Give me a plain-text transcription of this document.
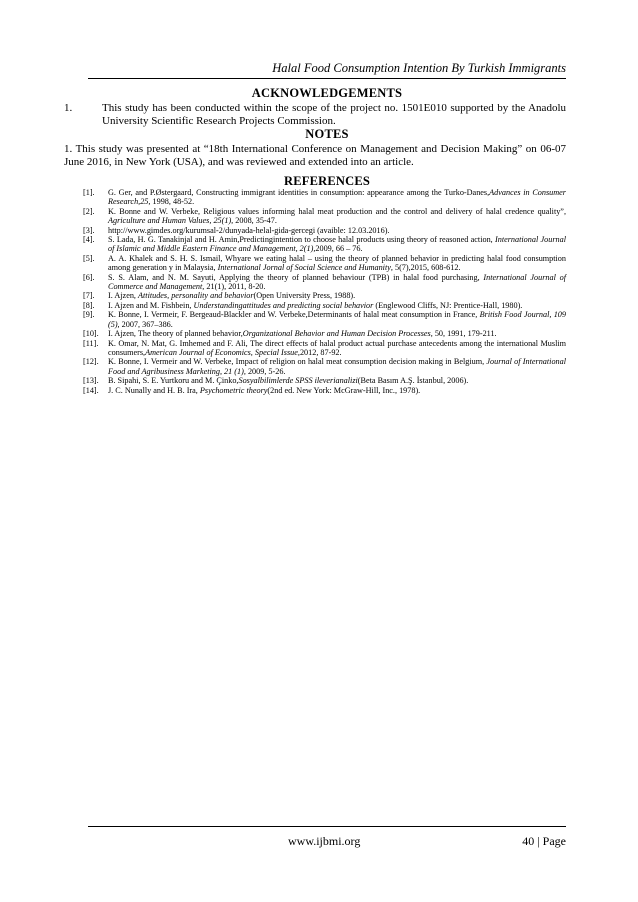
Halal Food Consumption Intention By Turkish Immigrants
ACKNOWLEDGEMENTS
1.	This study has been conducted within the scope of the project no. 1501E010 supported by the Anadolu University Scientific Research Projects Commission.
NOTES
1. This study was presented at “18th International Conference on Management and Decision Making” on 06-07 June 2016, in New York (USA), and was reviewed and extended into an article.
REFERENCES
[1]. G. Ger, and P.Østergaard, Constructing immigrant identities in consumption: appearance among the Turko-Danes,Advances in Consumer Research,25, 1998, 48-52.
[2]. K. Bonne and W. Verbeke, Religious values informing halal meat production and the control and delivery of halal credence quality”, Agriculture and Human Values, 25(1), 2008, 35-47.
[3]. http://www.gimdes.org/kurumsal-2/dunyada-helal-gida-gercegi (avaible: 12.03.2016).
[4]. S. Lada, H. G. Tanakinjal and H. Amin,Predictingintention to choose halal products using theory of reasoned action, International Journal of Islamic and Middle Eastern Finance and Management, 2(1),2009, 66 – 76.
[5]. A. A. Khalek and S. H. S. Ismail, Whyare we eating halal – using the theory of planned behavior in predicting halal food consumption among generation y in Malaysia, International Jornal of Social Science and Humanity, 5(7),2015, 608-612.
[6]. S. S. Alam, and N. M. Sayuti, Applying the theory of planned behaviour (TPB) in halal food purchasing, International Journal of Commerce and Management, 21(1), 2011, 8-20.
[7]. I. Ajzen, Attitudes, personality and behavior(Open University Press, 1988).
[8]. I. Ajzen and M. Fishbein, Understandingattitudes and predicting social behavior (Englewood Cliffs, NJ: Prentice-Hall, 1980).
[9]. K. Bonne, I. Vermeir, F. Bergeaud-Blackler and W. Verbeke,Determinants of halal meat consumption in France, British Food Journal, 109 (5), 2007, 367–386.
[10]. I. Ajzen, The theory of planned behavior,Organizational Behavior and Human Decision Processes, 50, 1991, 179-211.
[11]. K. Omar, N. Mat, G. Imhemed and F. Ali, The direct effects of halal product actual purchase antecedents among the international Muslim consumers,American Journal of Economics, Special Issue,2012, 87-92.
[12]. K. Bonne, I. Vermeir and W. Verbeke, Impact of religion on halal meat consumption decision making in Belgium, Journal of International Food and Agribusiness Marketing, 21 (1), 2009, 5-26.
[13]. B. Sipahi, S. E. Yurtkoru and M. Çinko,Sosyalbilimlerde SPSS ileverianalizi(Beta Basım A.Ş. İstanbul, 2006).
[14]. J. C. Nunally and H. B. Ira, Psychometric theory(2nd ed. New York: McGraw-Hill, Inc., 1978).
www.ijbmi.org	40 | Page
